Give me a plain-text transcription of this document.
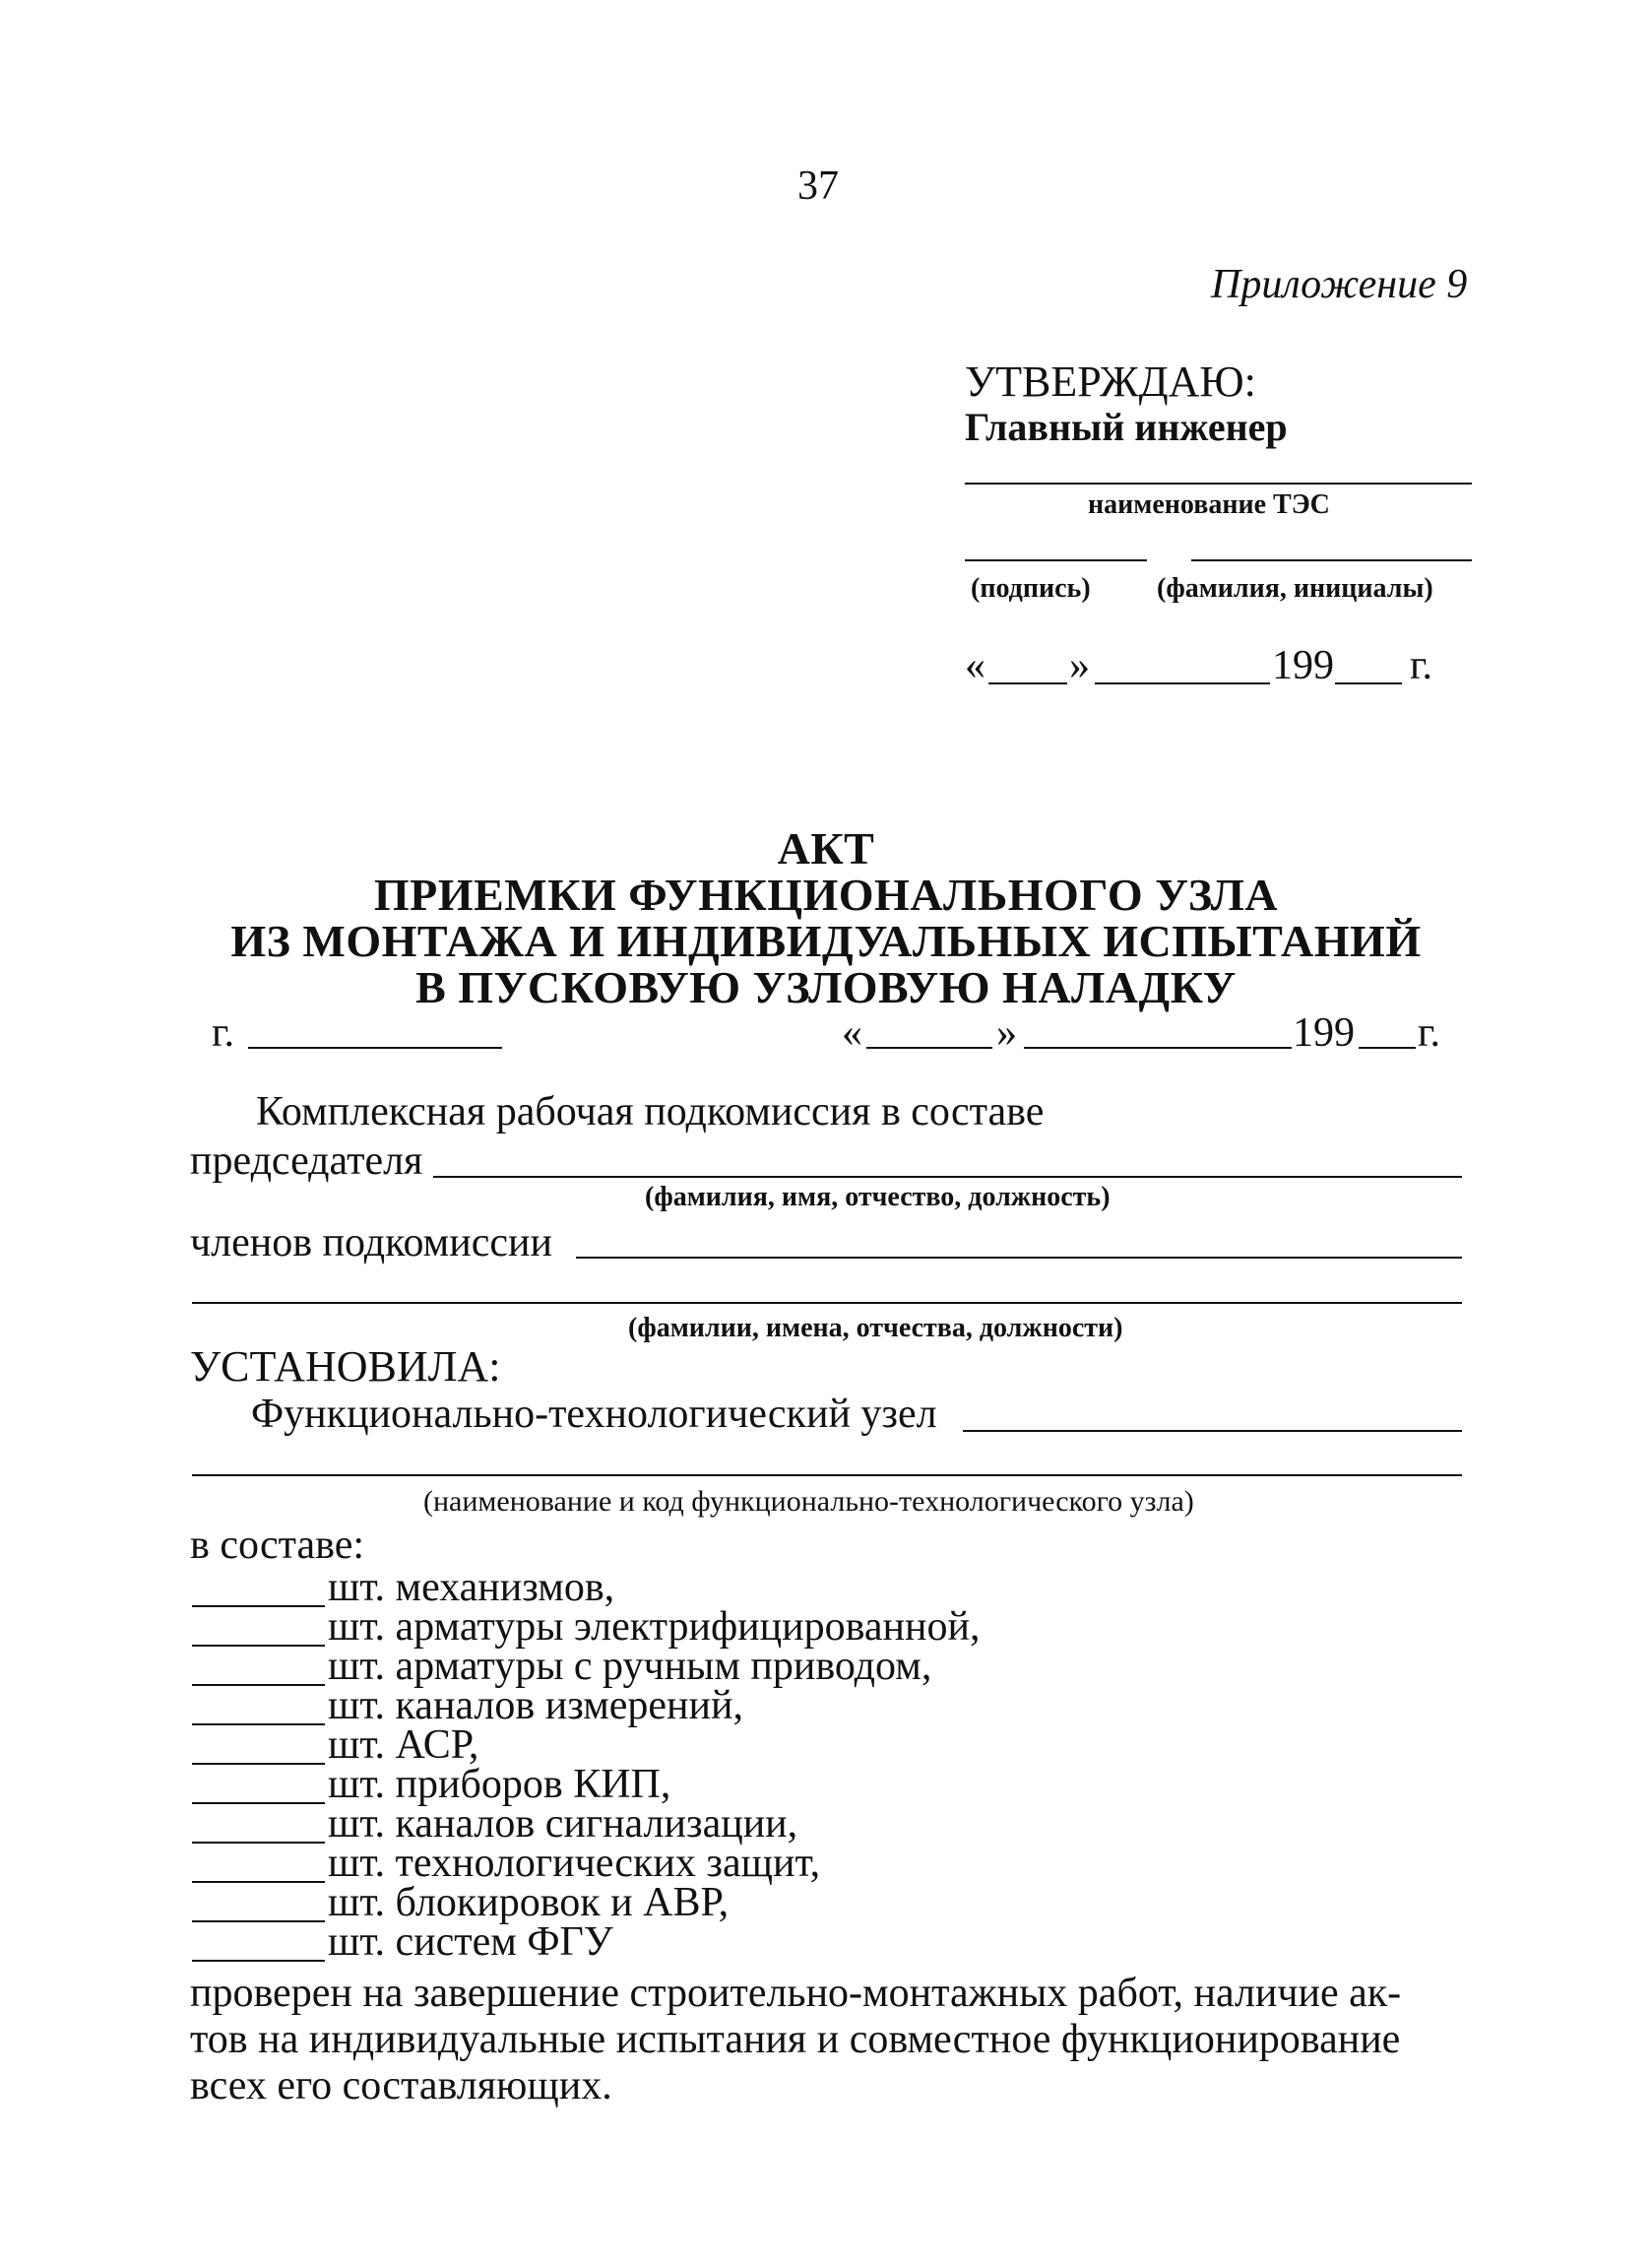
37
Приложение 9
УТВЕРЖДАЮ:
Главный инженер
наименование ТЭС
(подпись) (фамилия, инициалы)
« »	199 г.
АКТ
ПРИЕМКИ ФУНКЦИОНАЛЬНОГО УЗЛА
ИЗ МОНТАЖА И ИНДИВИДУАЛЬНЫХ ИСПЫТАНИЙ
В ПУСКОВУЮ УЗЛОВУЮ НАЛАДКУ
г.	«	»	199 г.
Комплексная рабочая подкомиссия в составе
председателя
(фамилия, имя, отчество, должность)
членов подкомиссии
(фамилии, имена, отчества, должности)
УСТАНОВИЛА:
Функционально-технологический узел
(наименование и код функционально-технологического узла)
в составе:
шт. механизмов,
шт. арматуры электрифицированной,
шт. арматуры с ручным приводом,
шт. каналов измерений,
шт. АСР,
шт. приборов КИП,
шт. каналов сигнализации,
шт. технологических защит,
шт. блокировок и АВР,
шт. систем ФГУ
проверен на завершение строительно-монтажных работ, наличие ак-
тов на индивидуальные испытания и совместное функционирование
всех его составляющих.
